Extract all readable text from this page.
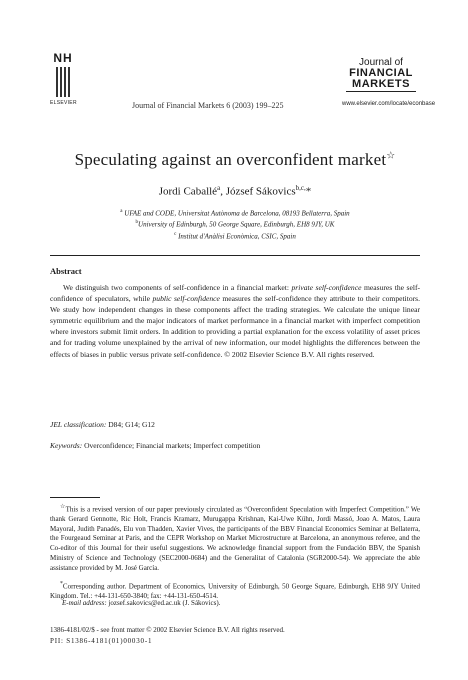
NH
ELSEVIER	Journal of Financial Markets 6 (2003) 199–225
Journal of
FINANCIAL
MARKETS
www.elsevier.com/locate/econbase
Speculating against an overconfident market☆
Jordi Caballé$^a$, József Sákovics$^{b,c,}$*
$^a$ UFAE and CODE, Universitat Autònoma de Barcelona, 08193 Bellaterra, Spain
$^b$University of Edinburgh, 50 George Square, Edinburgh, EH8 9JY, UK
$^c$ Institut d'Anàlisi Econòmica, CSIC, Spain
Abstract
We distinguish two components of self-confidence in a financial market: private self-confidence measures the self-confidence of speculators, while public self-confidence measures the self-confidence they attribute to their competitors. We study how independent changes in these components affect the trading strategies. We calculate the unique linear symmetric equilibrium and the major indicators of market performance in a financial market with imperfect competition where investors submit limit orders. In addition to providing a partial explanation for the excess volatility of asset prices and for trading volume unexplained by the arrival of new information, our model highlights the differences between the effects of biases in public versus private self-confidence. © 2002 Elsevier Science B.V. All rights reserved.
JEL classification: D84; G14; G12
Keywords: Overconfidence; Financial markets; Imperfect competition
☆This is a revised version of our paper previously circulated as “Overconfident Speculation with Imperfect Competition.” We thank Gerard Gennotte, Ric Holt, Francis Kramarz, Murugappa Krishnan, Kai-Uwe Kühn, Jordi Massó, Joao A. Matos, Laura Mayoral, Judith Panadés, Elu von Thadden, Xavier Vives, the participants of the BBV Financial Economics Seminar at Bellaterra, the Fourgeaud Seminar at Paris, and the CEPR Workshop on Market Microstructure at Barcelona, an anonymous referee, and the Co-editor of this Journal for their useful suggestions. We acknowledge financial support from the Fundación BBV, the Spanish Ministry of Science and Technology (SEC2000-0684) and the Generalitat of Catalonia (SGR2000-54). We appreciate the able assistance provided by M. José García.
*Corresponding author. Department of Economics, University of Edinburgh, 50 George Square, Edinburgh, EH8 9JY United Kingdom. Tel.: +44-131-650-3840; fax: +44-131-650-4514.
E-mail address: jozsef.sakovics@ed.ac.uk (J. Sákovics).
1386-4181/02/$ - see front matter © 2002 Elsevier Science B.V. All rights reserved.
PII: S1386-4181(01)00030-1
